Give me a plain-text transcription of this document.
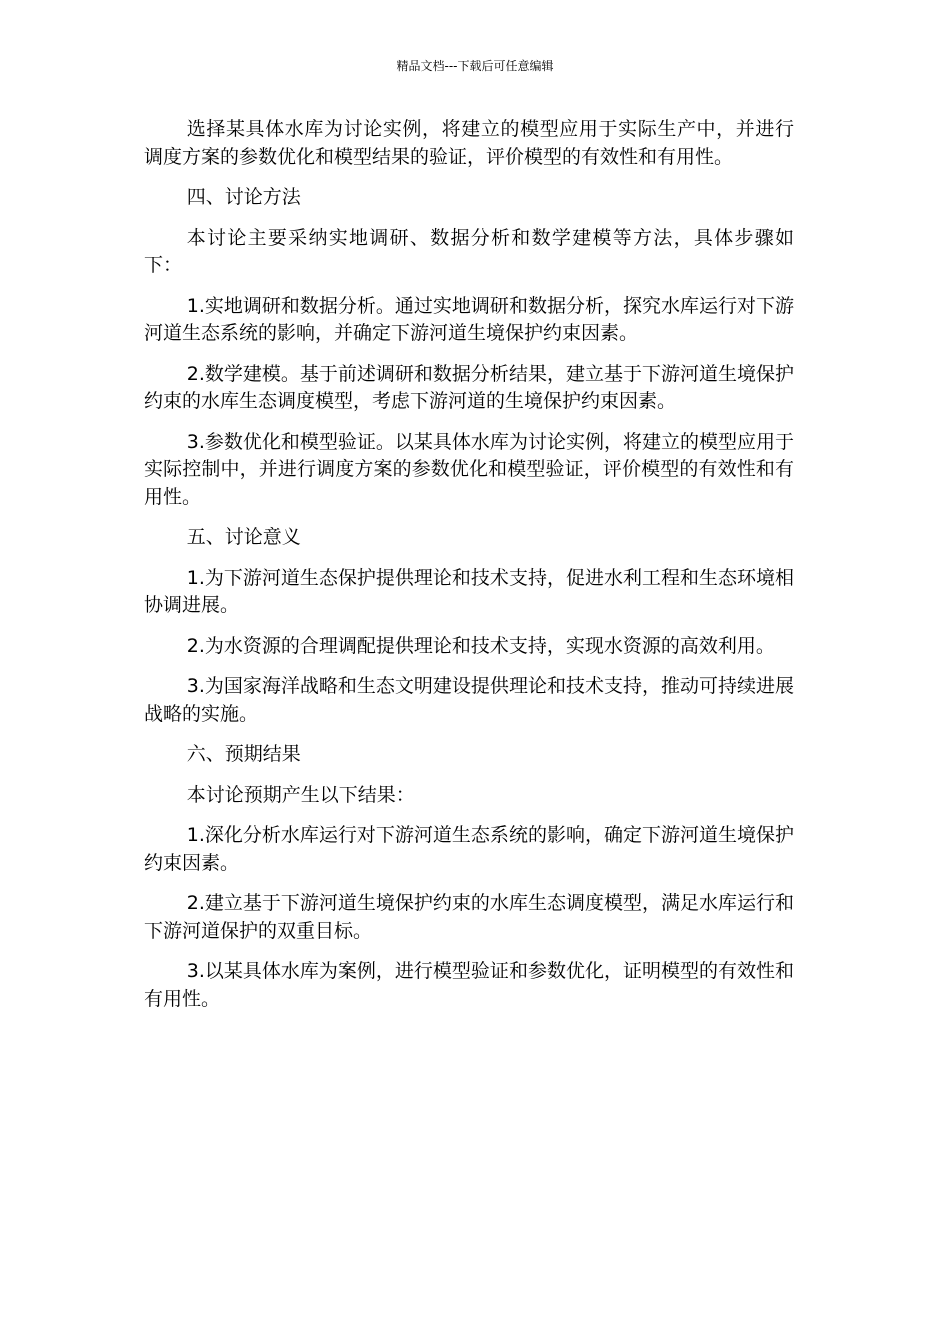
精品文档---下载后可任意编辑

选择某具体水库为讨论实例，将建立的模型应用于实际生产中，并进行调度方案的参数优化和模型结果的验证，评价模型的有效性和有用性。

四、讨论方法

本讨论主要采纳实地调研、数据分析和数学建模等方法，具体步骤如下：

1.实地调研和数据分析。通过实地调研和数据分析，探究水库运行对下游河道生态系统的影响，并确定下游河道生境保护约束因素。

2.数学建模。基于前述调研和数据分析结果，建立基于下游河道生境保护约束的水库生态调度模型，考虑下游河道的生境保护约束因素。

3.参数优化和模型验证。以某具体水库为讨论实例，将建立的模型应用于实际控制中，并进行调度方案的参数优化和模型验证，评价模型的有效性和有用性。

五、讨论意义

1.为下游河道生态保护提供理论和技术支持，促进水利工程和生态环境相协调进展。

2.为水资源的合理调配提供理论和技术支持，实现水资源的高效利用。

3.为国家海洋战略和生态文明建设提供理论和技术支持，推动可持续进展战略的实施。

六、预期结果

本讨论预期产生以下结果：

1.深化分析水库运行对下游河道生态系统的影响，确定下游河道生境保护约束因素。

2.建立基于下游河道生境保护约束的水库生态调度模型，满足水库运行和下游河道保护的双重目标。

3.以某具体水库为案例，进行模型验证和参数优化，证明模型的有效性和有用性。
